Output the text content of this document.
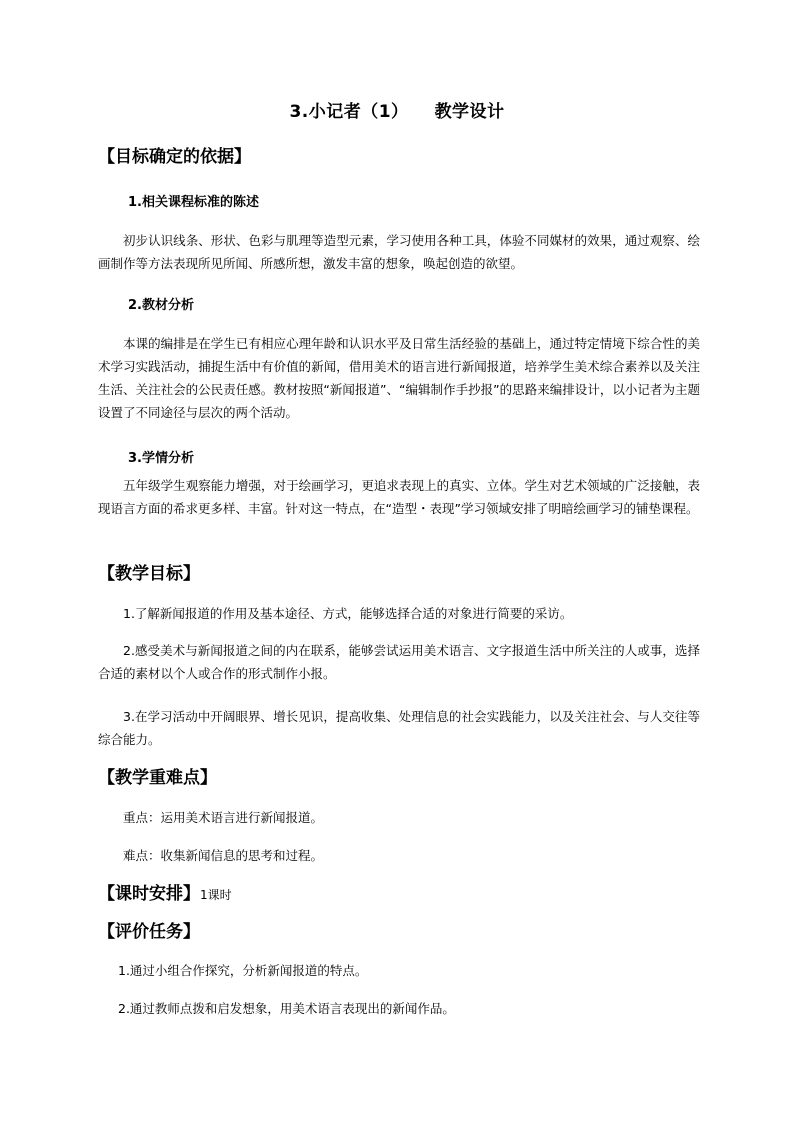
3.小记者（1） 教学设计
【目标确定的依据】
1.相关课程标准的陈述
初步认识线条、形状、色彩与肌理等造型元素，学习使用各种工具，体验不同媒材的效果，通过观察、绘画制作等方法表现所见所闻、所感所想，激发丰富的想象，唤起创造的欲望。
2.教材分析
本课的编排是在学生已有相应心理年龄和认识水平及日常生活经验的基础上，通过特定情境下综合性的美术学习实践活动，捕捉生活中有价值的新闻，借用美术的语言进行新闻报道，培养学生美术综合素养以及关注生活、关注社会的公民责任感。教材按照“新闻报道”、“编辑制作手抄报”的思路来编排设计，以小记者为主题设置了不同途径与层次的两个活动。
3.学情分析
五年级学生观察能力增强，对于绘画学习，更追求表现上的真实、立体。学生对艺术领域的广泛接触，表现语言方面的希求更多样、丰富。针对这一特点，在“造型・表现”学习领域安排了明暗绘画学习的铺垫课程。
【教学目标】
1.了解新闻报道的作用及基本途径、方式，能够选择合适的对象进行简要的采访。
2.感受美术与新闻报道之间的内在联系，能够尝试运用美术语言、文字报道生活中所关注的人或事，选择合适的素材以个人或合作的形式制作小报。
3.在学习活动中开阔眼界、增长见识，提高收集、处理信息的社会实践能力，以及关注社会、与人交往等综合能力。
【教学重难点】
重点：运用美术语言进行新闻报道。
难点：收集新闻信息的思考和过程。
【课时安排】1课时
【评价任务】
1.通过小组合作探究，分析新闻报道的特点。
2.通过教师点拨和启发想象，用美术语言表现出的新闻作品。
